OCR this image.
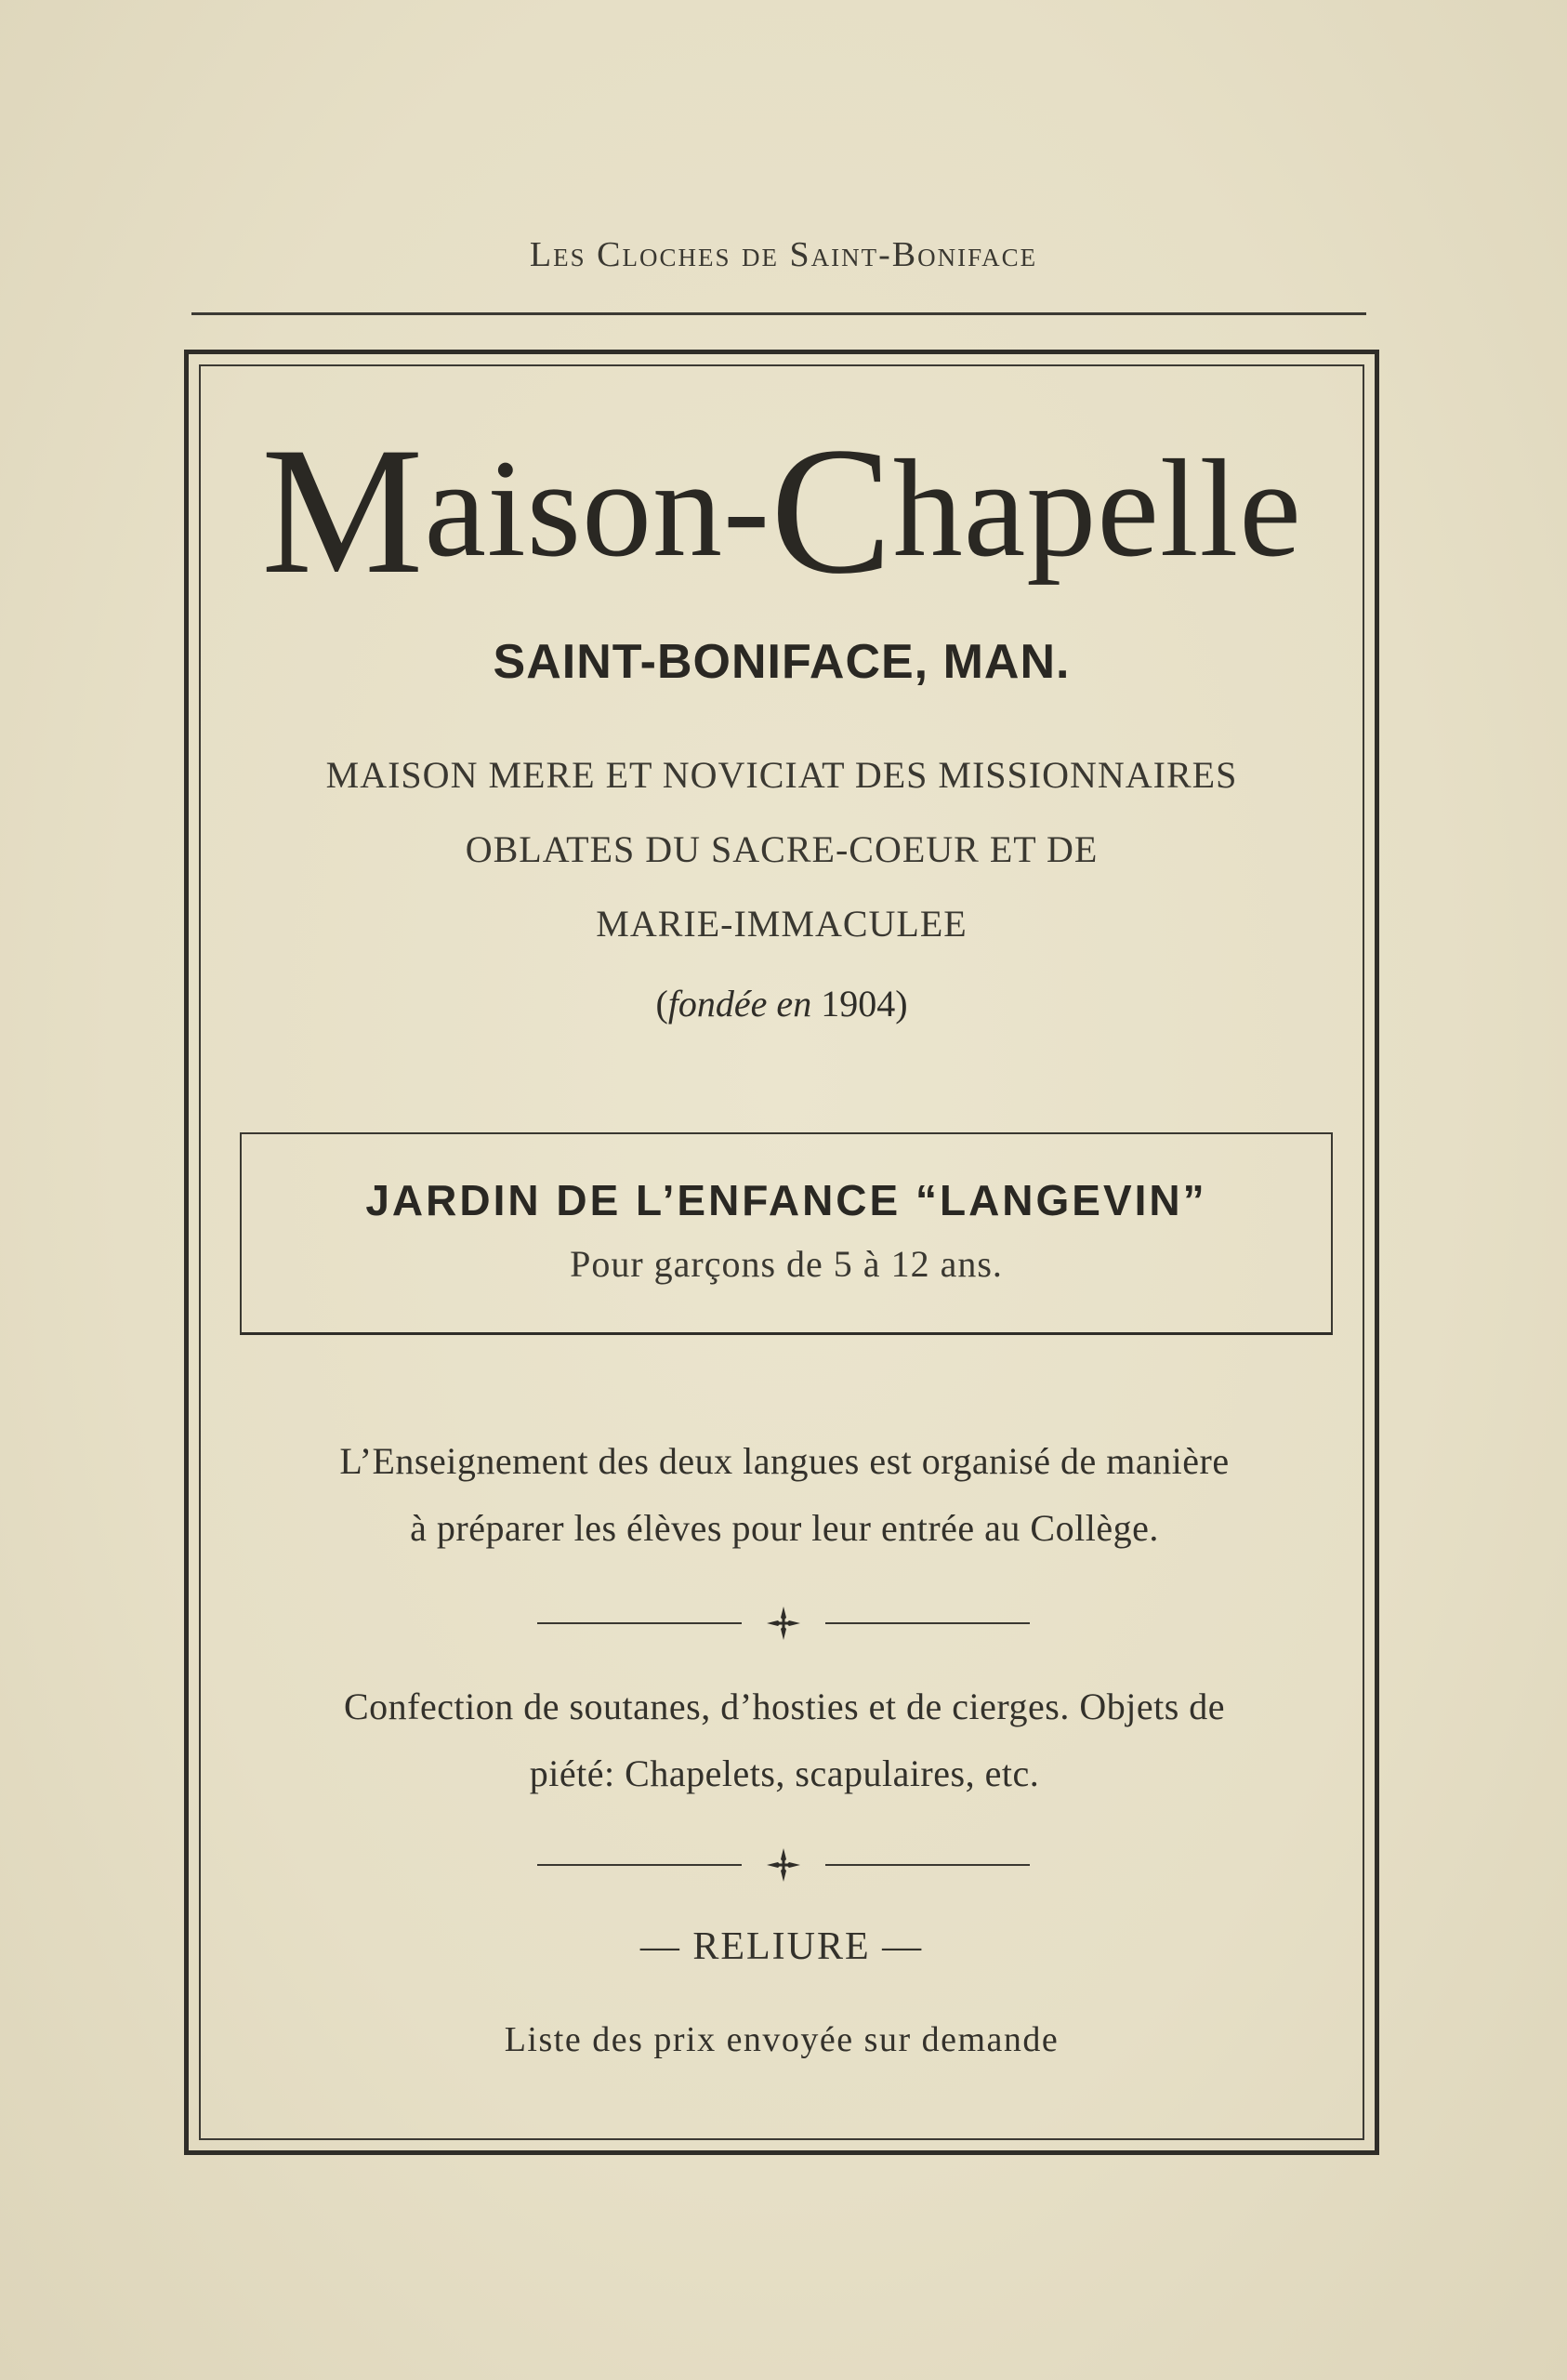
Les Cloches de Saint-Boniface
Maison-Chapelle
SAINT-BONIFACE, MAN.
MAISON MERE ET NOVICIAT DES MISSIONNAIRES
OBLATES DU SACRE-COEUR ET DE
MARIE-IMMACULEE
(fondée en 1904)
JARDIN DE L’ENFANCE “LANGEVIN”
Pour garçons de 5 à 12 ans.
L’Enseignement des deux langues est organisé de manière
à préparer les élèves pour leur entrée au Collège.
Confection de soutanes, d’hosties et de cierges. Objets de
piété: Chapelets, scapulaires, etc.
— RELIURE —
Liste des prix envoyée sur demande
